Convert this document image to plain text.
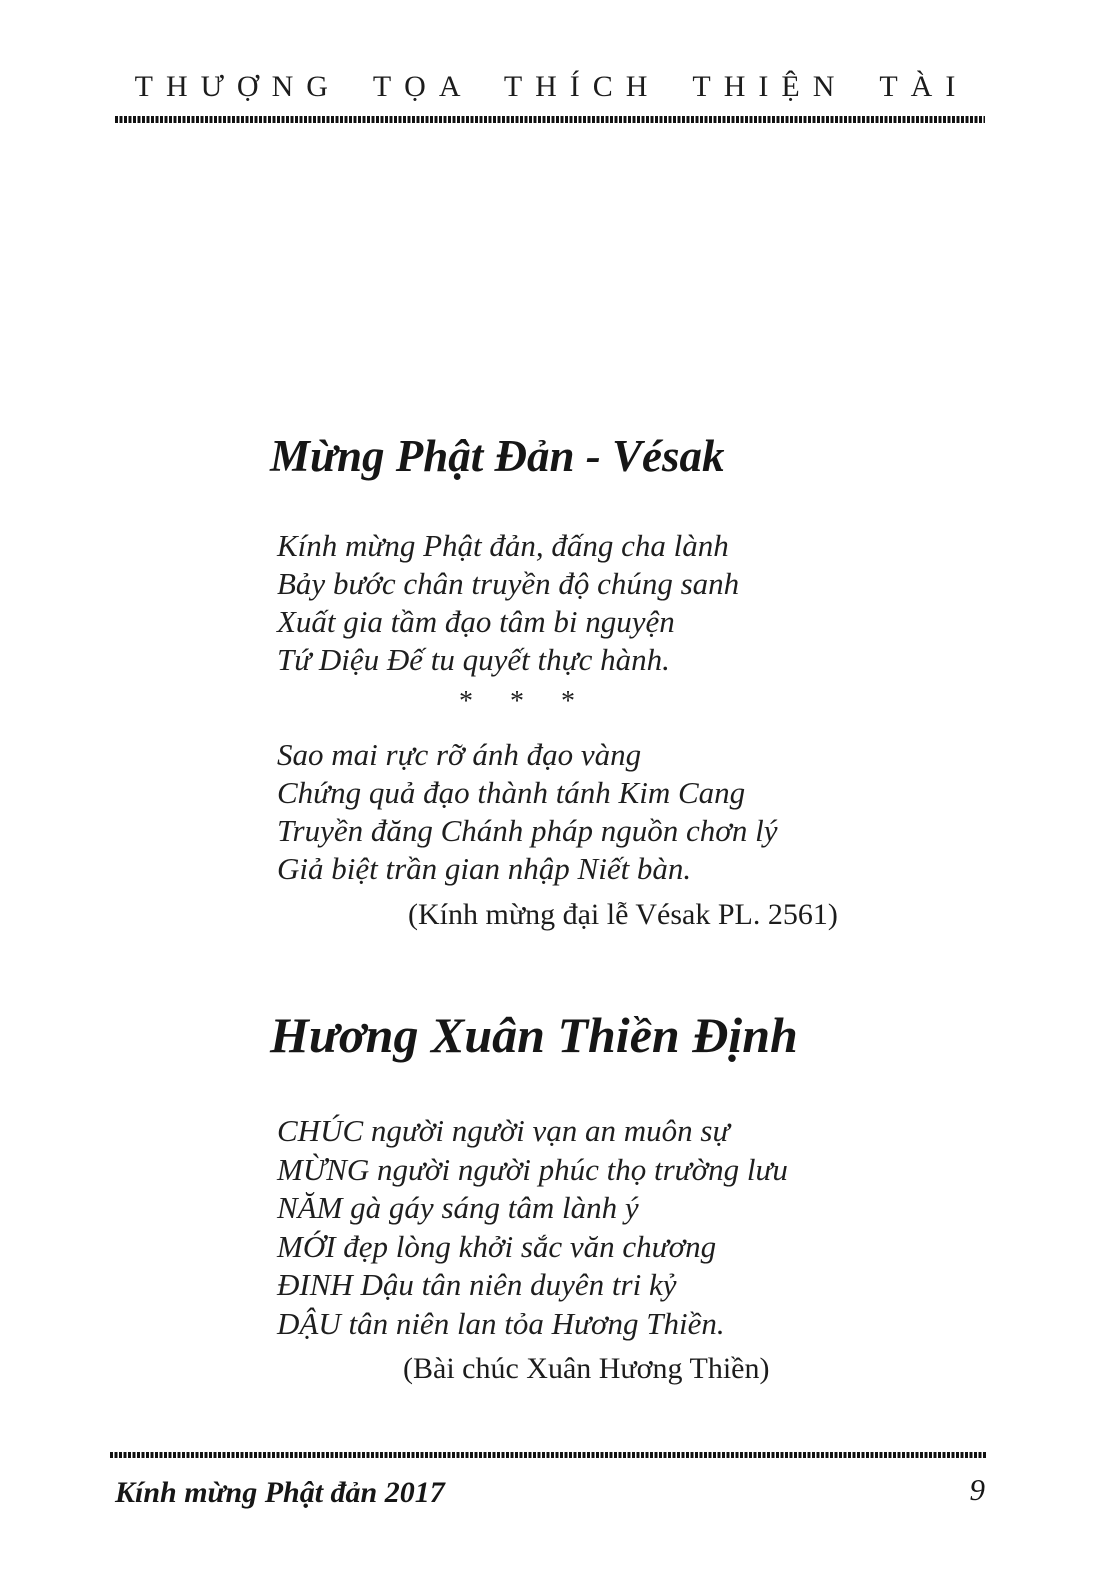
THƯỢNG TỌA THÍCH THIỆN TÀI
Mừng Phật Đản - Vésak
Kính mừng Phật đản, đấng cha lành
Bảy bước chân truyền độ chúng sanh
Xuất gia tầm đạo tâm bi nguyện
Tứ Diệu Đế tu quyết thực hành.
* * *
Sao mai rực rỡ ánh đạo vàng
Chứng quả đạo thành tánh Kim Cang
Truyền đăng Chánh pháp nguồn chơn lý
Giả biệt trần gian nhập Niết bàn.
(Kính mừng đại lễ Vésak PL. 2561)
Hương Xuân Thiền Định
CHÚC người người vạn an muôn sự
MỪNG người người phúc thọ trường lưu
NĂM gà gáy sáng tâm lành ý
MỚI đẹp lòng khởi sắc văn chương
ĐINH Dậu tân niên duyên tri kỷ
DẬU tân niên lan tỏa Hương Thiền.
(Bài chúc Xuân Hương Thiền)
Kính mừng Phật đản 2017	9
